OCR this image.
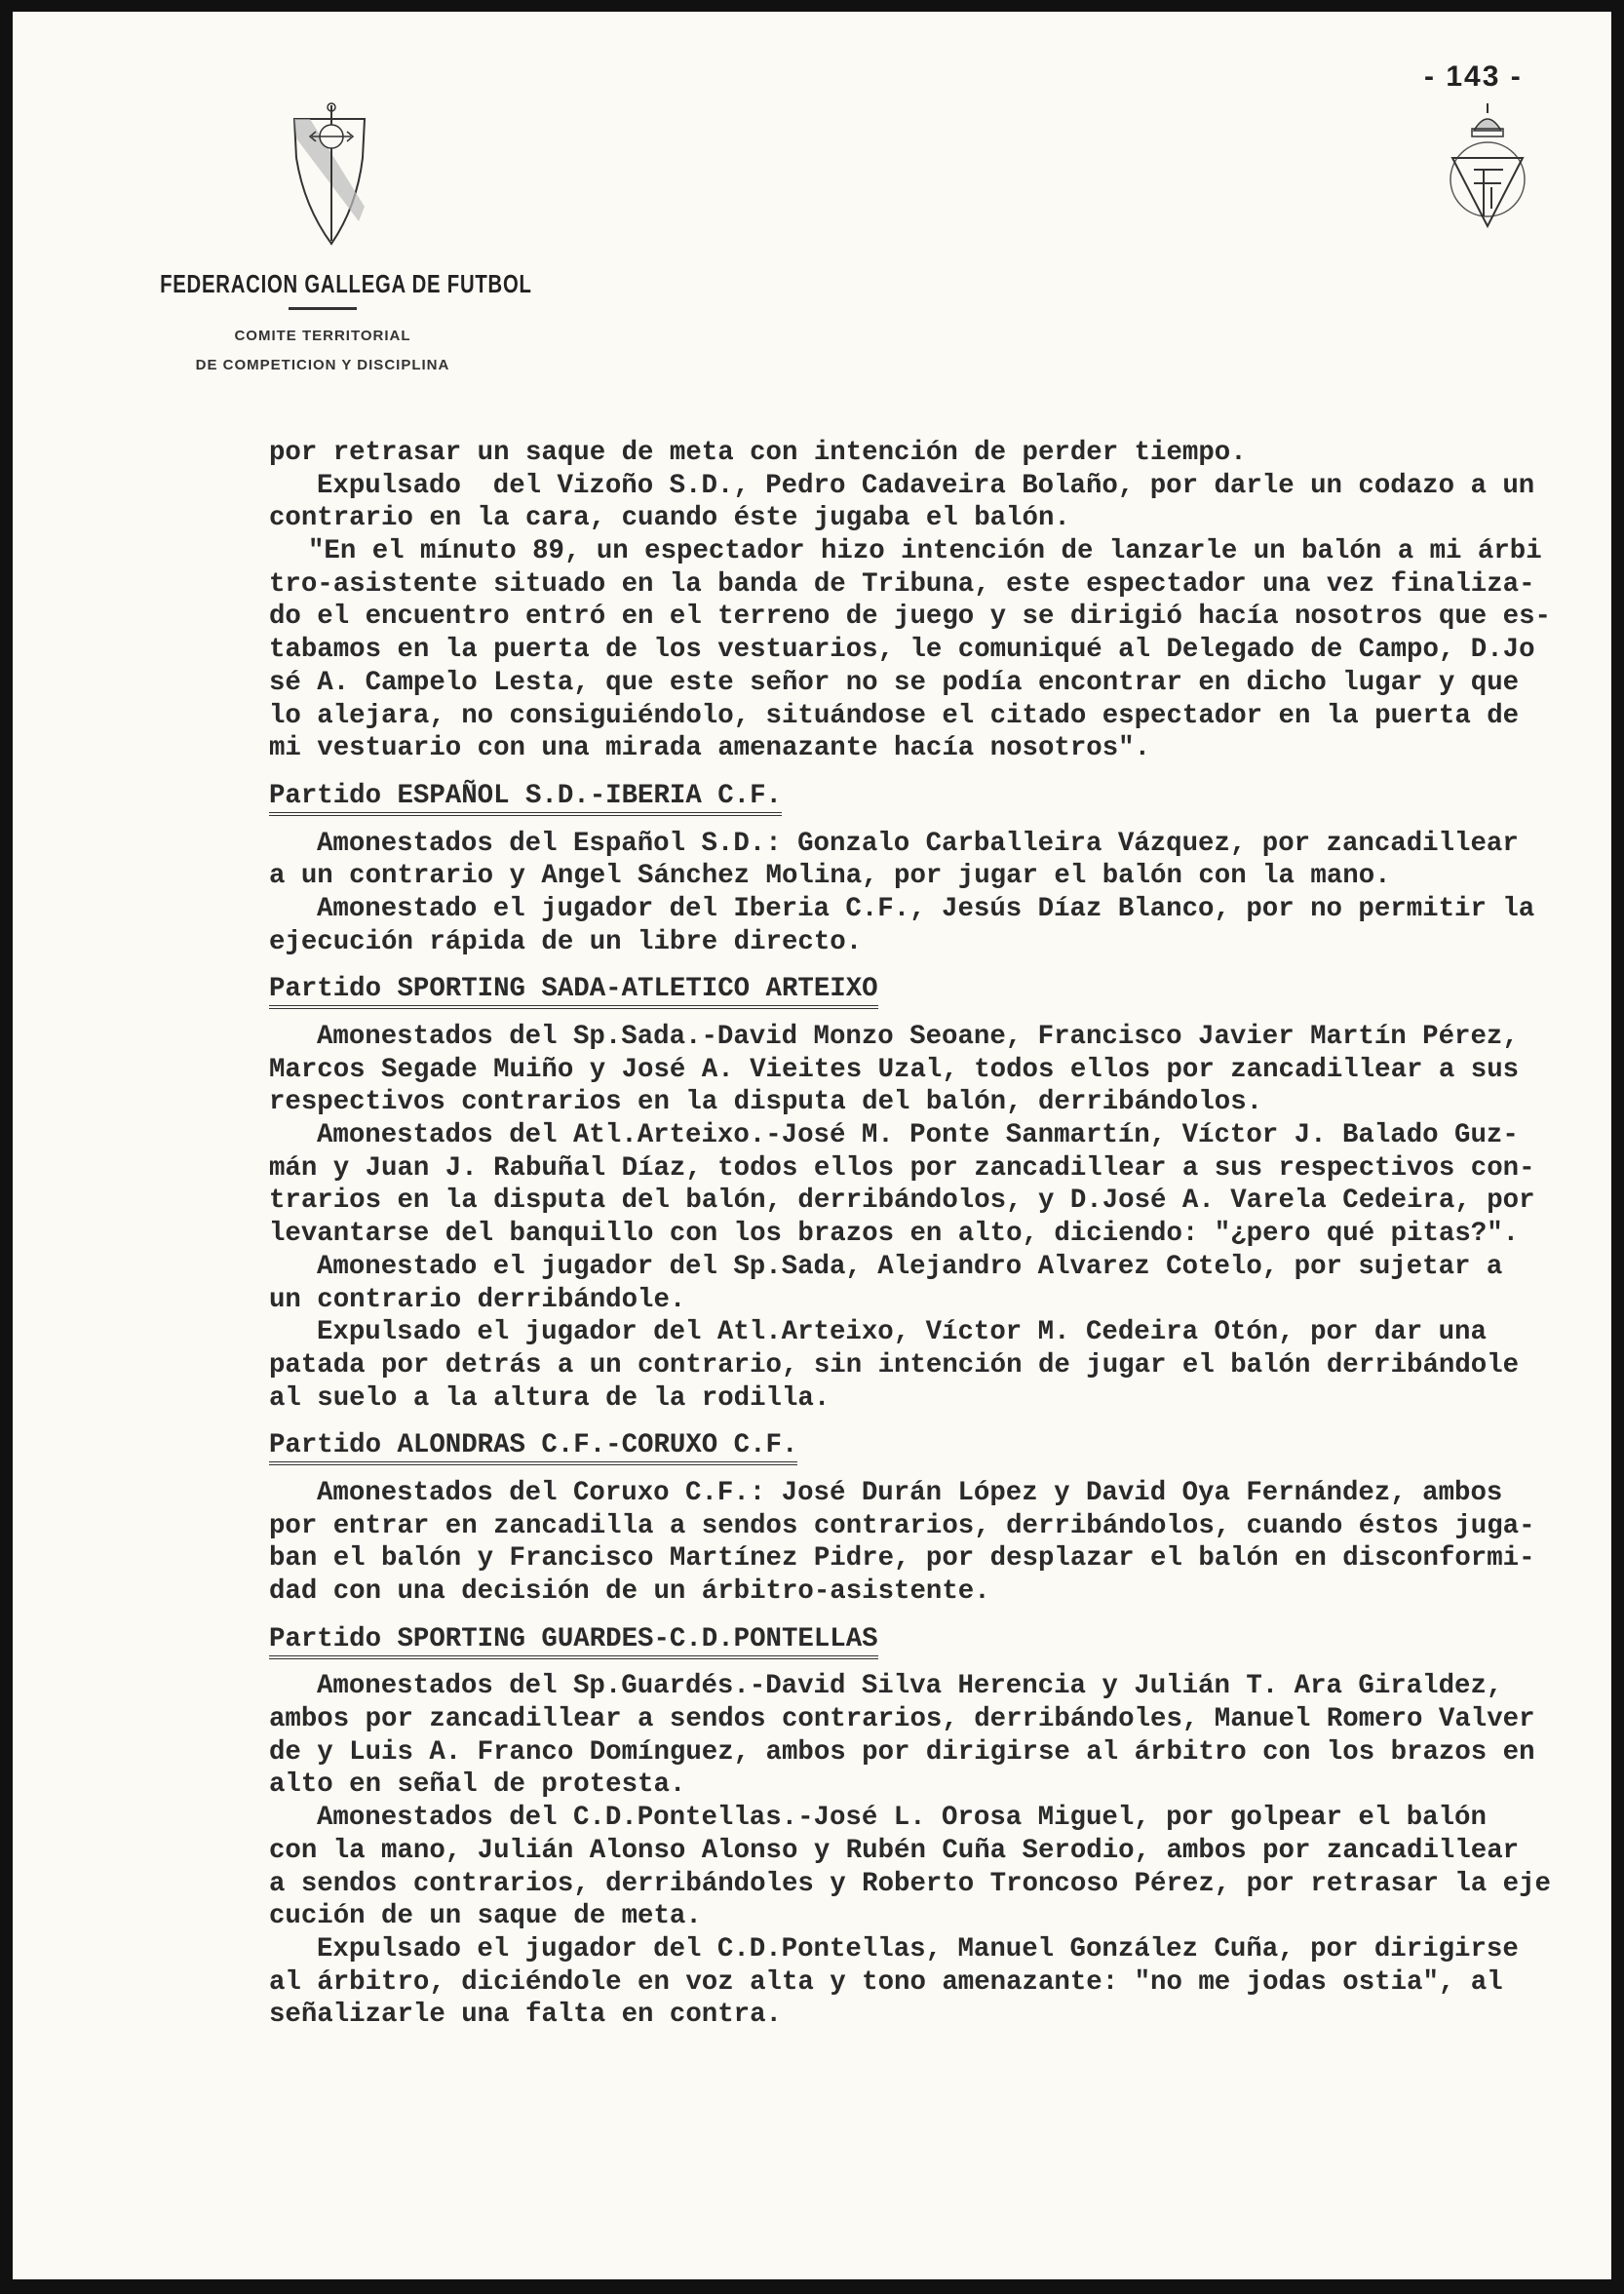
- 143 -
FEDERACION GALLEGA DE FUTBOL
COMITE TERRITORIAL
DE COMPETICION Y DISCIPLINA
por retrasar un saque de meta con intención de perder tiempo.
Expulsado  del Vizoño S.D., Pedro Cadaveira Bolaño, por darle un codazo a un
contrario en la cara, cuando éste jugaba el balón.
"En el mínuto 89, un espectador hizo intención de lanzarle un balón a mi árbi
tro-asistente situado en la banda de Tribuna, este espectador una vez finaliza-
do el encuentro entró en el terreno de juego y se dirigió hacía nosotros que es-
tabamos en la puerta de los vestuarios, le comuniqué al Delegado de Campo, D.Jo
sé A. Campelo Lesta, que este señor no se podía encontrar en dicho lugar y que
lo alejara, no consiguiéndolo, situándose el citado espectador en la puerta de
mi vestuario con una mirada amenazante hacía nosotros".
Partido ESPAÑOL S.D.-IBERIA C.F.
Amonestados del Español S.D.: Gonzalo Carballeira Vázquez, por zancadillear
a un contrario y Angel Sánchez Molina, por jugar el balón con la mano.
Amonestado el jugador del Iberia C.F., Jesús Díaz Blanco, por no permitir la
ejecución rápida de un libre directo.
Partido SPORTING SADA-ATLETICO ARTEIXO
Amonestados del Sp.Sada.-David Monzo Seoane, Francisco Javier Martín Pérez,
Marcos Segade Muiño y José A. Vieites Uzal, todos ellos por zancadillear a sus
respectivos contrarios en la disputa del balón, derribándolos.
Amonestados del Atl.Arteixo.-José M. Ponte Sanmartín, Víctor J. Balado Guz-
mán y Juan J. Rabuñal Díaz, todos ellos por zancadillear a sus respectivos con-
trarios en la disputa del balón, derribándolos, y D.José A. Varela Cedeira, por
levantarse del banquillo con los brazos en alto, diciendo: "¿pero qué pitas?".
Amonestado el jugador del Sp.Sada, Alejandro Alvarez Cotelo, por sujetar a
un contrario derribándole.
Expulsado el jugador del Atl.Arteixo, Víctor M. Cedeira Otón, por dar una
patada por detrás a un contrario, sin intención de jugar el balón derribándole
al suelo a la altura de la rodilla.
Partido ALONDRAS C.F.-CORUXO C.F.
Amonestados del Coruxo C.F.: José Durán López y David Oya Fernández, ambos
por entrar en zancadilla a sendos contrarios, derribándolos, cuando éstos juga-
ban el balón y Francisco Martínez Pidre, por desplazar el balón en disconformi-
dad con una decisión de un árbitro-asistente.
Partido SPORTING GUARDES-C.D.PONTELLAS
Amonestados del Sp.Guardés.-David Silva Herencia y Julián T. Ara Giraldez,
ambos por zancadillear a sendos contrarios, derribándoles, Manuel Romero Valver
de y Luis A. Franco Domínguez, ambos por dirigirse al árbitro con los brazos en
alto en señal de protesta.
Amonestados del C.D.Pontellas.-José L. Orosa Miguel, por golpear el balón
con la mano, Julián Alonso Alonso y Rubén Cuña Serodio, ambos por zancadillear
a sendos contrarios, derribándoles y Roberto Troncoso Pérez, por retrasar la eje
cución de un saque de meta.
Expulsado el jugador del C.D.Pontellas, Manuel González Cuña, por dirigirse
al árbitro, diciéndole en voz alta y tono amenazante: "no me jodas ostia", al
señalizarle una falta en contra.
